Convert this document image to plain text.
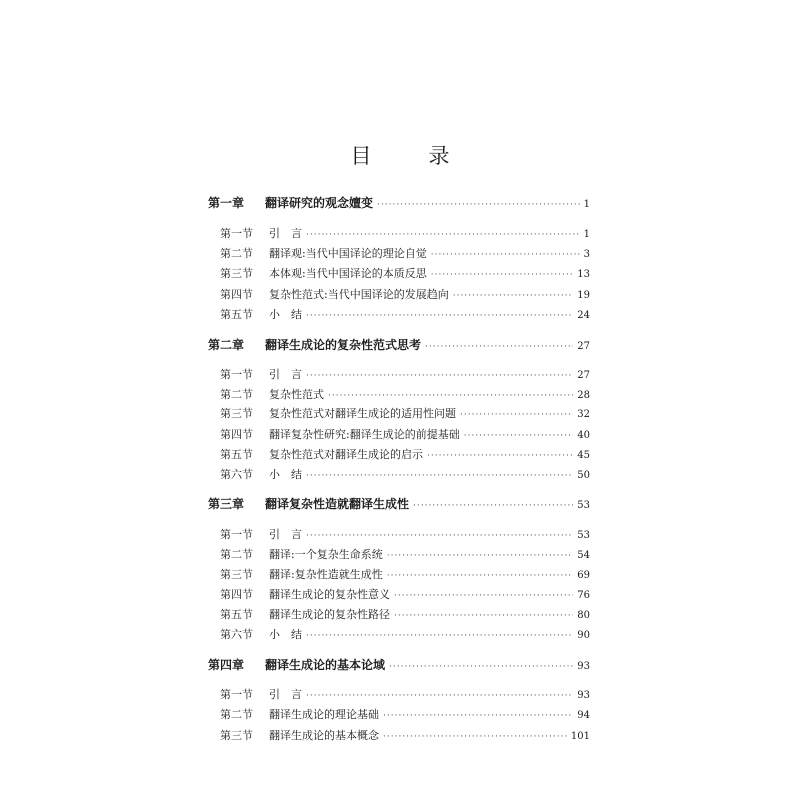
目　录
第一章	翻译研究的观念嬗变 ·····	1
第一节	引　言 ·····	1
第二节	翻译观:当代中国译论的理论自觉 ·····	3
第三节	本体观:当代中国译论的本质反思 ·····	13
第四节	复杂性范式:当代中国译论的发展趋向 ·····	19
第五节	小　结 ·····	24
第二章	翻译生成论的复杂性范式思考 ·····	27
第一节	引　言 ·····	27
第二节	复杂性范式 ·····	28
第三节	复杂性范式对翻译生成论的适用性问题 ·····	32
第四节	翻译复杂性研究:翻译生成论的前提基础 ·····	40
第五节	复杂性范式对翻译生成论的启示 ·····	45
第六节	小　结 ·····	50
第三章	翻译复杂性造就翻译生成性 ·····	53
第一节	引　言 ·····	53
第二节	翻译:一个复杂生命系统 ·····	54
第三节	翻译:复杂性造就生成性 ·····	69
第四节	翻译生成论的复杂性意义 ·····	76
第五节	翻译生成论的复杂性路径 ·····	80
第六节	小　结 ·····	90
第四章	翻译生成论的基本论域 ·····	93
第一节	引　言 ·····	93
第二节	翻译生成论的理论基础 ·····	94
第三节	翻译生成论的基本概念 ·····	101
